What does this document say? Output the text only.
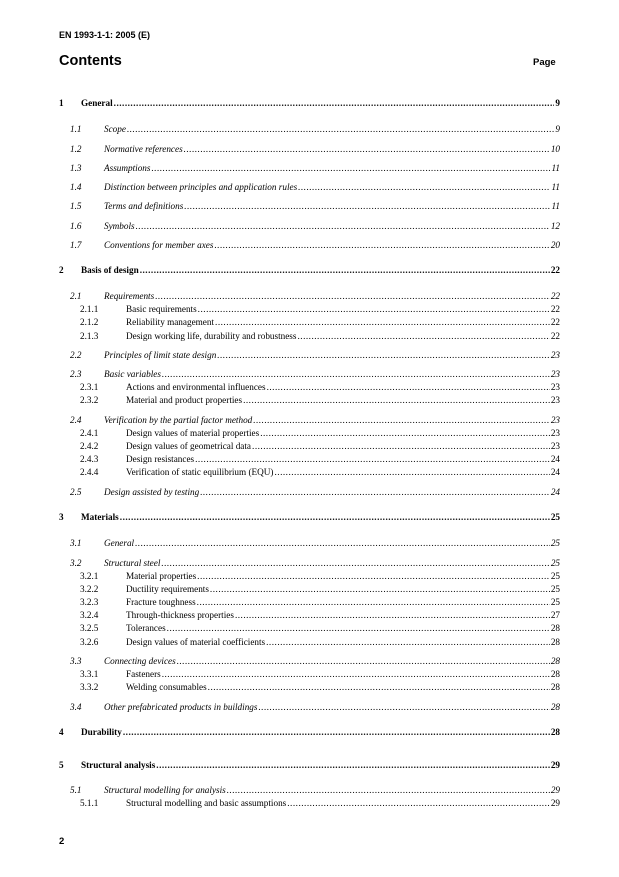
EN 1993-1-1: 2005 (E)
Contents	Page
1	General .....	9
1.1	Scope .....	9
1.2	Normative references .....	10
1.3	Assumptions .....	11
1.4	Distinction between principles and application rules .....	11
1.5	Terms and definitions .....	11
1.6	Symbols .....	12
1.7	Conventions for member axes .....	20
2	Basis of design .....	22
2.1	Requirements .....	22
2.1.1	Basic requirements .....	22
2.1.2	Reliability management .....	22
2.1.3	Design working life, durability and robustness .....	22
2.2	Principles of limit state design .....	23
2.3	Basic variables .....	23
2.3.1	Actions and environmental influences .....	23
2.3.2	Material and product properties .....	23
2.4	Verification by the partial factor method .....	23
2.4.1	Design values of material properties .....	23
2.4.2	Design values of geometrical data .....	23
2.4.3	Design resistances .....	24
2.4.4	Verification of static equilibrium (EQU) .....	24
2.5	Design assisted by testing .....	24
3	Materials .....	25
3.1	General .....	25
3.2	Structural steel .....	25
3.2.1	Material properties .....	25
3.2.2	Ductility requirements .....	25
3.2.3	Fracture toughness .....	25
3.2.4	Through-thickness properties .....	27
3.2.5	Tolerances .....	28
3.2.6	Design values of material coefficients .....	28
3.3	Connecting devices .....	28
3.3.1	Fasteners .....	28
3.3.2	Welding consumables .....	28
3.4	Other prefabricated products in buildings .....	28
4	Durability .....	28
5	Structural analysis .....	29
5.1	Structural modelling for analysis .....	29
5.1.1	Structural modelling and basic assumptions .....	29
2
